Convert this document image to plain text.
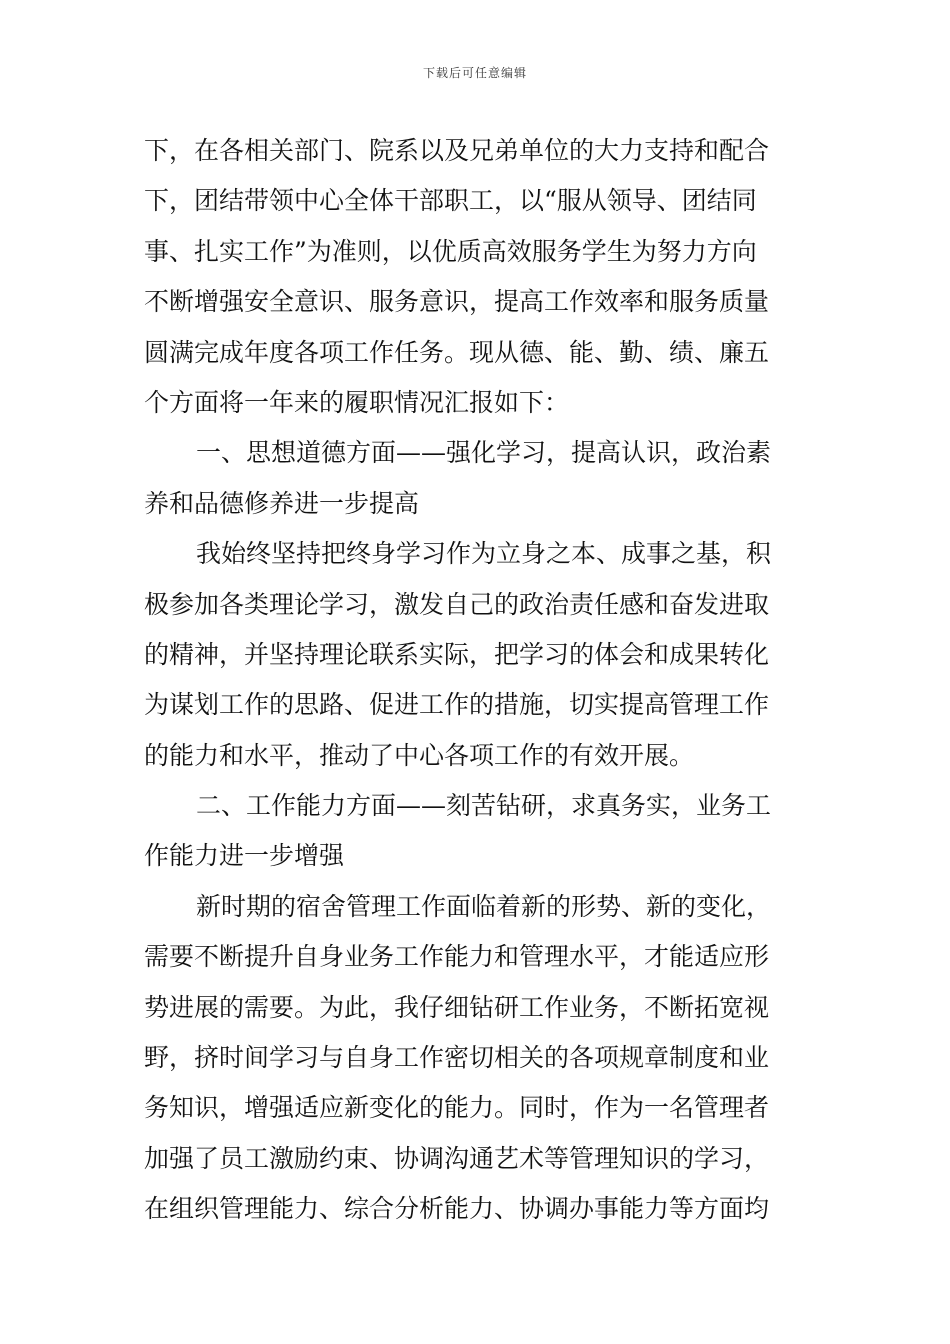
下载后可任意编辑
下，在各相关部门、院系以及兄弟单位的大力支持和配合
下，团结带领中心全体干部职工，以“服从领导、团结同
事、扎实工作”为准则，以优质高效服务学生为努力方向
不断增强安全意识、服务意识，提高工作效率和服务质量
圆满完成年度各项工作任务。现从德、能、勤、绩、廉五
个方面将一年来的履职情况汇报如下：
一、思想道德方面——强化学习，提高认识，政治素
养和品德修养进一步提高
我始终坚持把终身学习作为立身之本、成事之基，积
极参加各类理论学习，激发自己的政治责任感和奋发进取
的精神，并坚持理论联系实际，把学习的体会和成果转化
为谋划工作的思路、促进工作的措施，切实提高管理工作
的能力和水平，推动了中心各项工作的有效开展。
二、工作能力方面——刻苦钻研，求真务实，业务工
作能力进一步增强
新时期的宿舍管理工作面临着新的形势、新的变化，
需要不断提升自身业务工作能力和管理水平，才能适应形
势进展的需要。为此，我仔细钻研工作业务，不断拓宽视
野，挤时间学习与自身工作密切相关的各项规章制度和业
务知识，增强适应新变化的能力。同时，作为一名管理者
加强了员工激励约束、协调沟通艺术等管理知识的学习，
在组织管理能力、综合分析能力、协调办事能力等方面均
